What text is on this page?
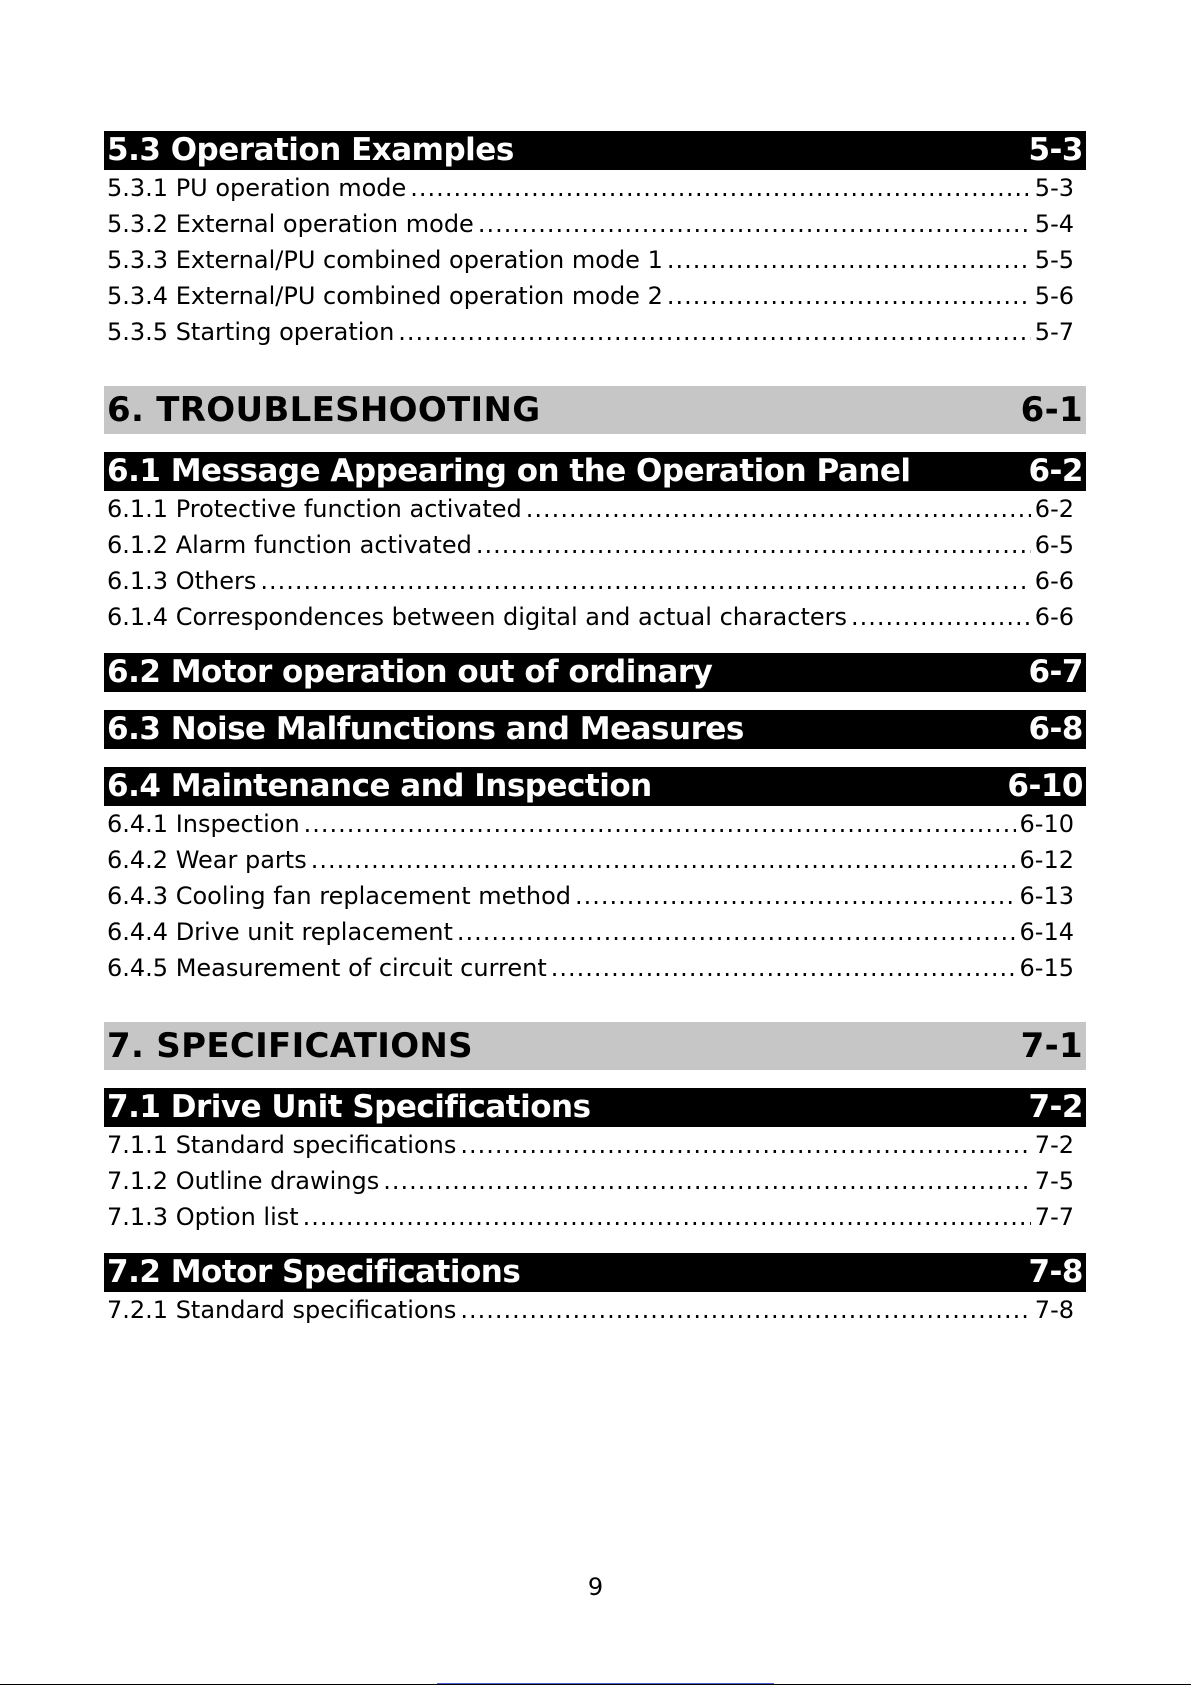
5.3 Operation Examples	5-3
5.3.1 PU operation mode .....	5-3
5.3.2 External operation mode .....	5-4
5.3.3 External/PU combined operation mode 1 .....	5-5
5.3.4 External/PU combined operation mode 2 .....	5-6
5.3.5 Starting operation .....	5-7
6. TROUBLESHOOTING	6-1
6.1 Message Appearing on the Operation Panel	6-2
6.1.1 Protective function activated .....	6-2
6.1.2 Alarm function activated .....	6-5
6.1.3 Others .....	6-6
6.1.4 Correspondences between digital and actual characters .....	6-6
6.2 Motor operation out of ordinary	6-7
6.3 Noise Malfunctions and Measures	6-8
6.4 Maintenance and Inspection	6-10
6.4.1 Inspection .....	6-10
6.4.2 Wear parts .....	6-12
6.4.3 Cooling fan replacement method .....	6-13
6.4.4 Drive unit replacement .....	6-14
6.4.5 Measurement of circuit current .....	6-15
7. SPECIFICATIONS	7-1
7.1 Drive Unit Specifications	7-2
7.1.1 Standard specifications .....	7-2
7.1.2 Outline drawings .....	7-5
7.1.3 Option list .....	7-7
7.2 Motor Specifications	7-8
7.2.1 Standard specifications .....	7-8
9
